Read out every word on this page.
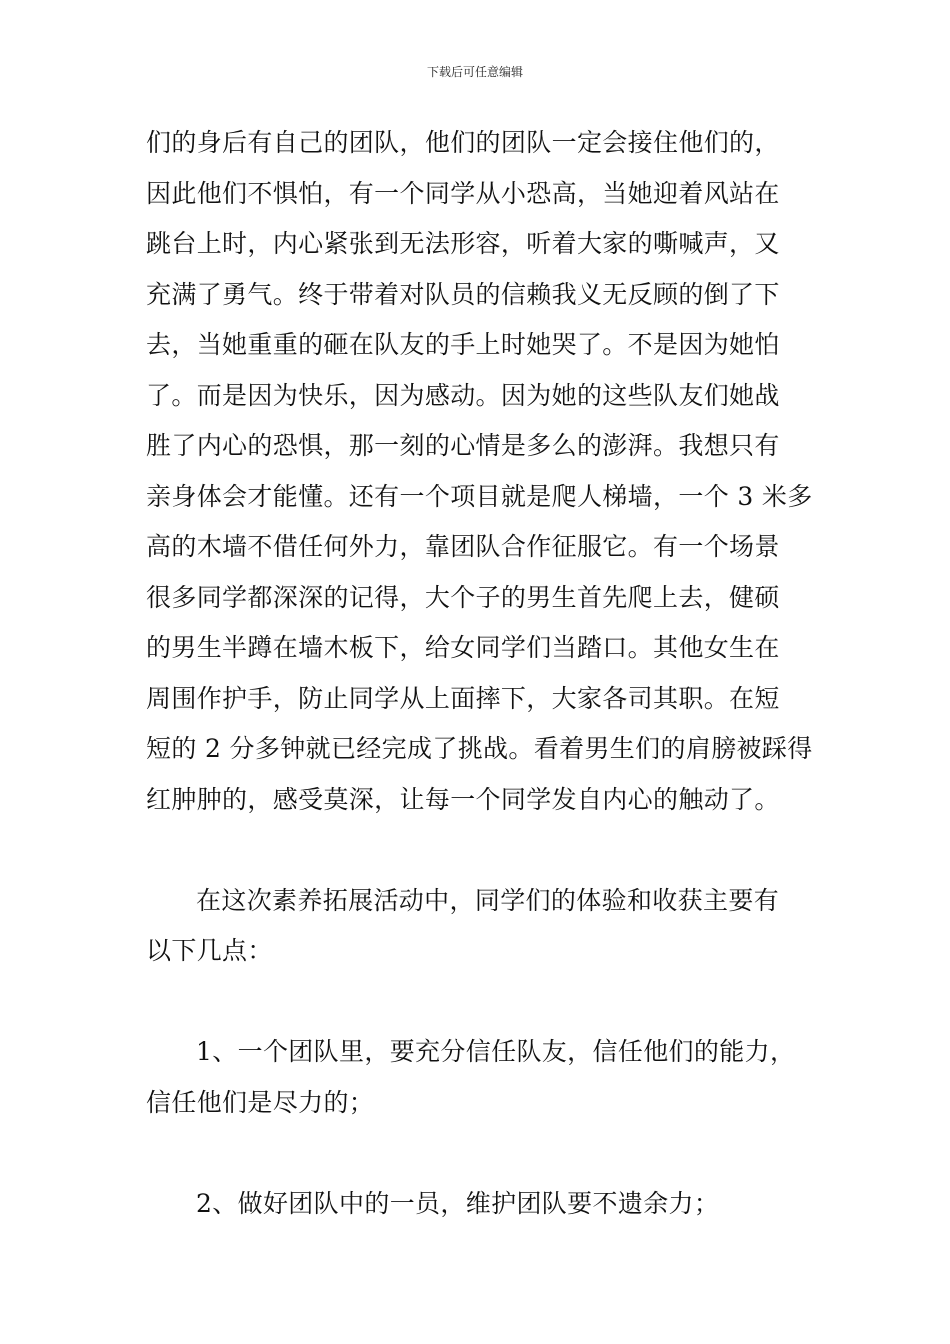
下载后可任意编辑
们的身后有自己的团队，他们的团队一定会接住他们的，
因此他们不惧怕，有一个同学从小恐高，当她迎着风站在
跳台上时，内心紧张到无法形容，听着大家的嘶喊声，又
充满了勇气。终于带着对队员的信赖我义无反顾的倒了下
去，当她重重的砸在队友的手上时她哭了。不是因为她怕
了。而是因为快乐，因为感动。因为她的这些队友们她战
胜了内心的恐惧，那一刻的心情是多么的澎湃。我想只有
亲身体会才能懂。还有一个项目就是爬人梯墙，一个 3 米多
高的木墙不借任何外力，靠团队合作征服它。有一个场景
很多同学都深深的记得，大个子的男生首先爬上去，健硕
的男生半蹲在墙木板下，给女同学们当踏口。其他女生在
周围作护手，防止同学从上面摔下，大家各司其职。在短
短的 2 分多钟就已经完成了挑战。看着男生们的肩膀被踩得
红肿肿的，感受莫深，让每一个同学发自内心的触动了。
在这次素养拓展活动中，同学们的体验和收获主要有
以下几点：
1、一个团队里，要充分信任队友，信任他们的能力，
信任他们是尽力的；
2、做好团队中的一员，维护团队要不遗余力；
